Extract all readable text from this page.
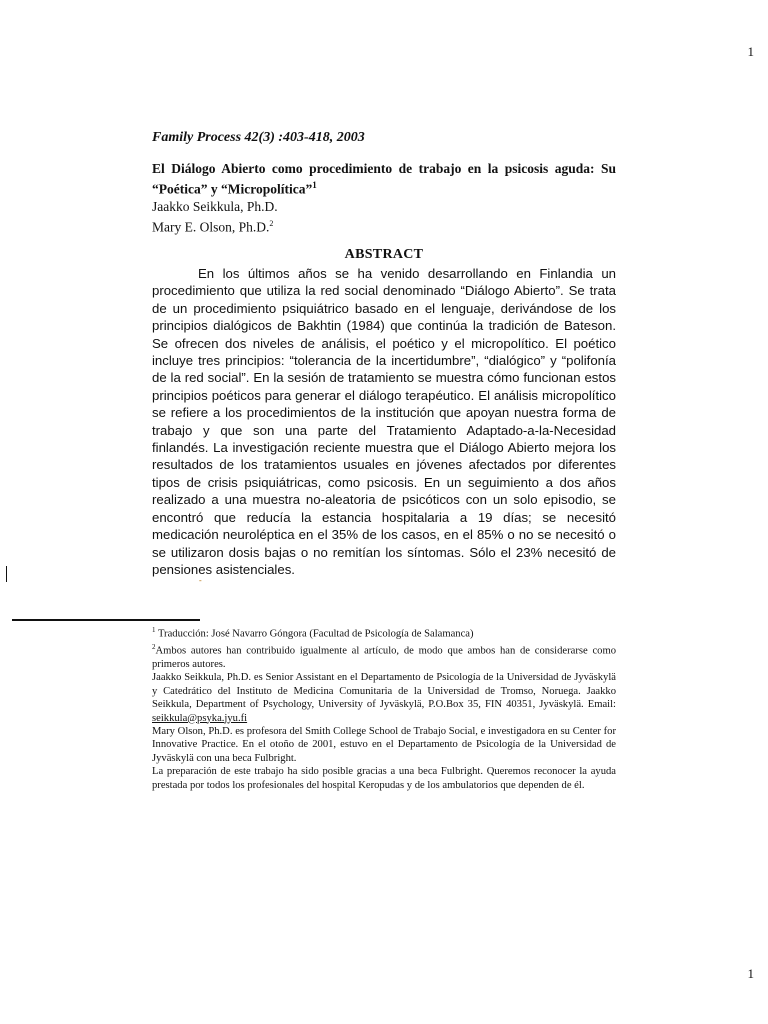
1

Family Process 42(3) :403-418, 2003

El Diálogo Abierto como procedimiento de trabajo en la psicosis aguda: Su “Poética” y “Micropolítica”$^1$

Jaakko Seikkula, Ph.D.

Mary E. Olson, Ph.D.$^2$

ABSTRACT

En los últimos años se ha venido desarrollando en Finlandia un procedimiento que utiliza la red social denominado “Diálogo Abierto”. Se trata de un procedimiento psiquiátrico basado en el lenguaje, derivándose de los principios dialógicos de Bakhtin (1984) que continúa la tradición de Bateson. Se ofrecen dos niveles de análisis, el poético y el micropolítico. El poético incluye tres principios: “tolerancia de la incertidumbre”, “dialógico” y “polifonía de la red social”. En la sesión de tratamiento se muestra cómo funcionan estos principios poéticos para generar el diálogo terapéutico. El análisis micropolítico se refiere a los procedimientos de la institución que apoyan nuestra forma de trabajo y que son una parte del Tratamiento Adaptado-a-la-Necesidad finlandés. La investigación reciente muestra que el Diálogo Abierto mejora los resultados de los tratamientos usuales en jóvenes afectados por diferentes tipos de crisis psiquiátricas, como psicosis. En un seguimiento a dos años realizado a una muestra no-aleatoria de psicóticos con un solo episodio, se encontró que reducía la estancia hospitalaria a 19 días; se necesitó medicación neuroléptica en el 35% de los casos, en el 85% o no se necesitó o se utilizaron dosis bajas o no remitían los síntomas. Sólo el 23% necesitó de pensiones asistenciales.

-

$^1$ Traducción: José Navarro Góngora (Facultad de Psicología de Salamanca)

$^2$Ambos autores han contribuido igualmente al artículo, de modo que ambos han de considerarse como primeros autores.

Jaakko Seikkula, Ph.D. es Senior Assistant en el Departamento de Psicología de la Universidad de Jyväskylä y Catedrático del Instituto de Medicina Comunitaria de la Universidad de Tromso, Noruega. Jaakko Seikkula, Department of Psychology, University of Jyväskylä, P.O.Box 35, FIN 40351, Jyväskylä. Email: seikkula@psyka.jyu.fi

Mary Olson, Ph.D. es profesora del Smith College School de Trabajo Social, e investigadora en su Center for Innovative Practice. En el otoño de 2001, estuvo en el Departamento de Psicología de la Universidad de Jyväskylä con una beca Fulbright.

La preparación de este trabajo ha sido posible gracias a una beca Fulbright. Queremos reconocer la ayuda prestada por todos los profesionales del hospital Keropudas y de los ambulatorios que dependen de él.

1
